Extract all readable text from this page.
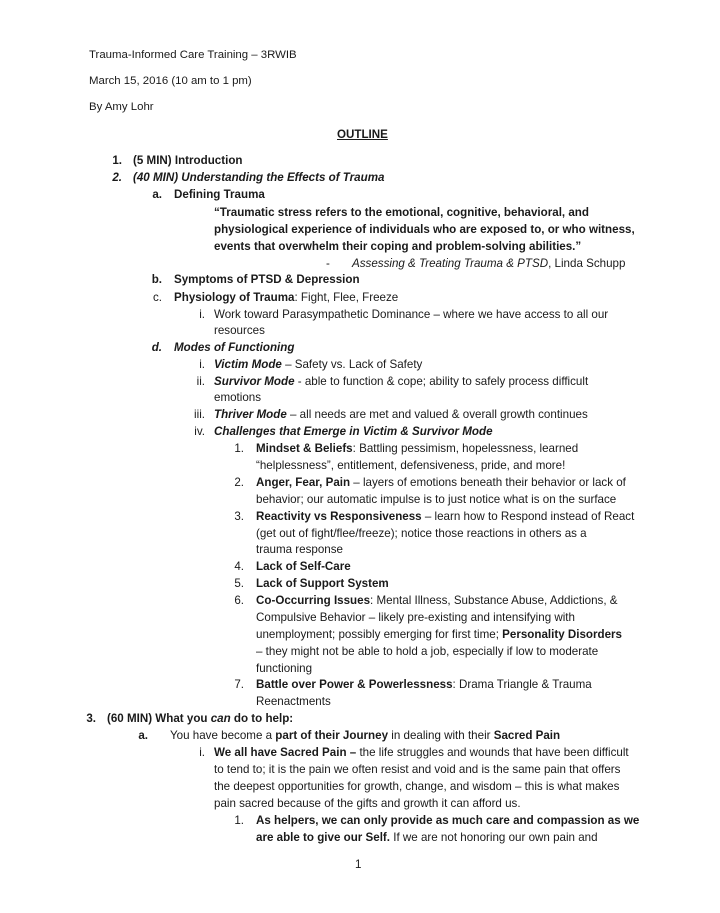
Trauma-Informed Care Training – 3RWIB
March 15, 2016 (10 am to 1 pm)
By Amy Lohr
OUTLINE
1. (5 MIN) Introduction
2. (40 MIN) Understanding the Effects of Trauma
a. Defining Trauma
“Traumatic stress refers to the emotional, cognitive, behavioral, and
physiological experience of individuals who are exposed to, or who witness,
events that overwhelm their coping and problem-solving abilities.”
- Assessing & Treating Trauma & PTSD, Linda Schupp
b. Symptoms of PTSD & Depression
c. Physiology of Trauma: Fight, Flee, Freeze
i. Work toward Parasympathetic Dominance – where we have access to all our
resources
d. Modes of Functioning
i. Victim Mode – Safety vs. Lack of Safety
ii. Survivor Mode - able to function & cope; ability to safely process difficult
emotions
iii. Thriver Mode – all needs are met and valued & overall growth continues
iv. Challenges that Emerge in Victim & Survivor Mode
1. Mindset & Beliefs: Battling pessimism, hopelessness, learned
“helplessness”, entitlement, defensiveness, pride, and more!
2. Anger, Fear, Pain – layers of emotions beneath their behavior or lack of
behavior; our automatic impulse is to just notice what is on the surface
3. Reactivity vs Responsiveness – learn how to Respond instead of React
(get out of fight/flee/freeze); notice those reactions in others as a
trauma response
4. Lack of Self-Care
5. Lack of Support System
6. Co-Occurring Issues: Mental Illness, Substance Abuse, Addictions, &
Compulsive Behavior – likely pre-existing and intensifying with
unemployment; possibly emerging for first time; Personality Disorders
– they might not be able to hold a job, especially if low to moderate
functioning
7. Battle over Power & Powerlessness: Drama Triangle & Trauma
Reenactments
3. (60 MIN) What you can do to help:
a. You have become a part of their Journey in dealing with their Sacred Pain
i. We all have Sacred Pain – the life struggles and wounds that have been difficult
to tend to; it is the pain we often resist and void and is the same pain that offers
the deepest opportunities for growth, change, and wisdom – this is what makes
pain sacred because of the gifts and growth it can afford us.
1. As helpers, we can only provide as much care and compassion as we
are able to give our Self. If we are not honoring our own pain and
1
